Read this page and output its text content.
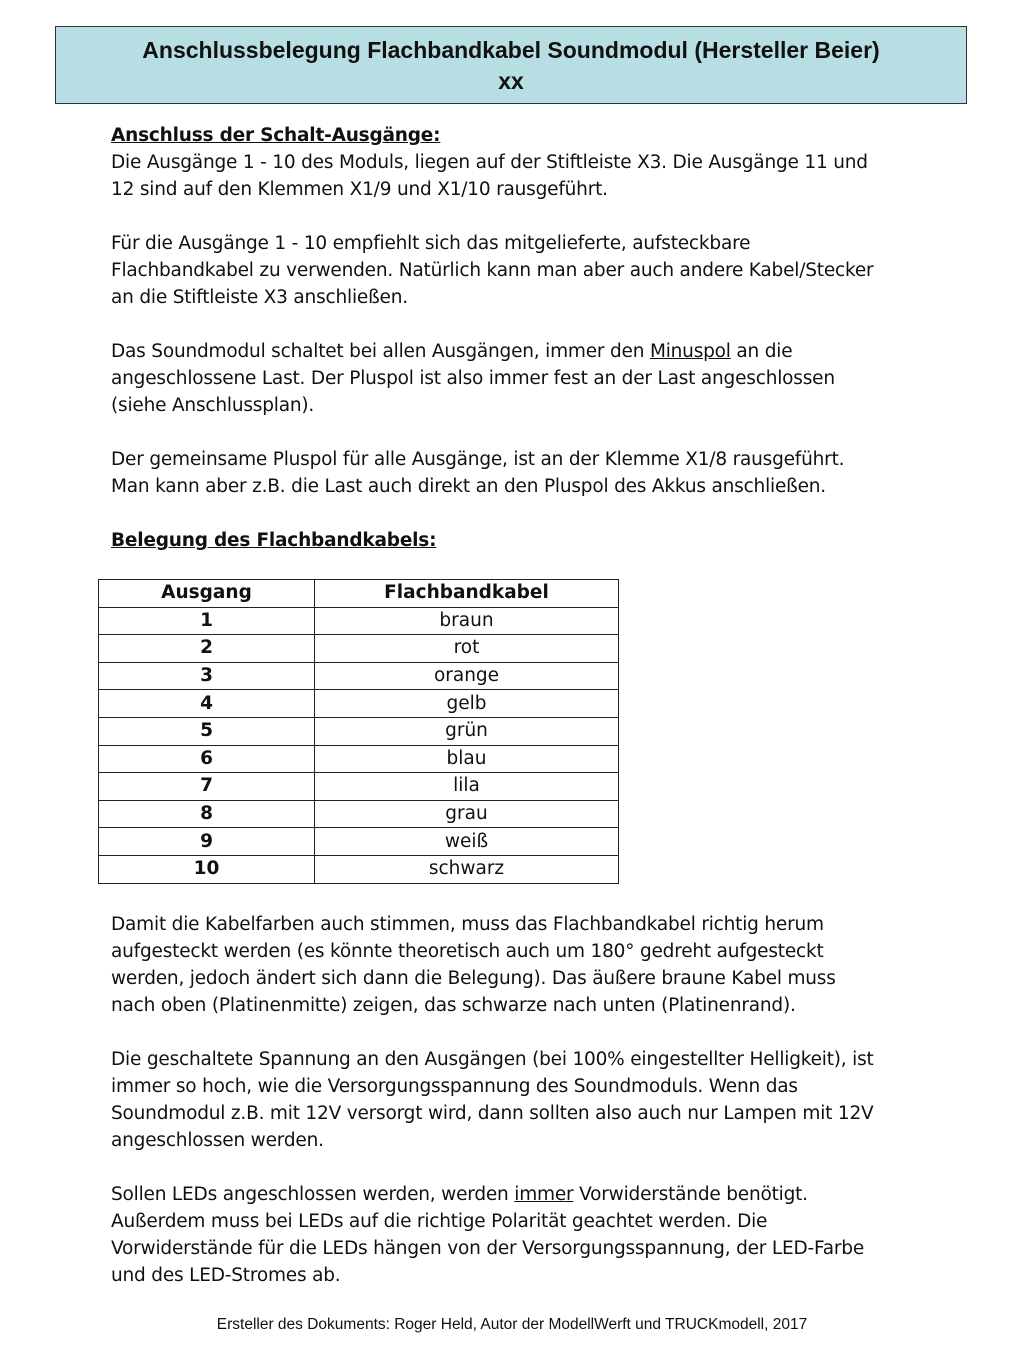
Anschlussbelegung Flachbandkabel Soundmodul (Hersteller Beier)
xx

Anschluss der Schalt-Ausgänge:

Die Ausgänge 1 - 10 des Moduls, liegen auf der Stiftleiste X3. Die Ausgänge 11 und

12 sind auf den Klemmen X1/9 und X1/10 rausgeführt.

Für die Ausgänge 1 - 10 empfiehlt sich das mitgelieferte, aufsteckbare

Flachbandkabel zu verwenden. Natürlich kann man aber auch andere Kabel/Stecker

an die Stiftleiste X3 anschließen.

Das Soundmodul schaltet bei allen Ausgängen, immer den Minuspol an die

angeschlossene Last. Der Pluspol ist also immer fest an der Last angeschlossen

(siehe Anschlussplan).

Der gemeinsame Pluspol für alle Ausgänge, ist an der Klemme X1/8 rausgeführt.

Man kann aber z.B. die Last auch direkt an den Pluspol des Akkus anschließen.

Belegung des Flachbandkabels:

Ausgang	Flachbandkabel
1	braun
2	rot
3	orange
4	gelb
5	grün
6	blau
7	lila
8	grau
9	weiß
10	schwarz

Damit die Kabelfarben auch stimmen, muss das Flachbandkabel richtig herum

aufgesteckt werden (es könnte theoretisch auch um 180° gedreht aufgesteckt

werden, jedoch ändert sich dann die Belegung). Das äußere braune Kabel muss

nach oben (Platinenmitte) zeigen, das schwarze nach unten (Platinenrand).

Die geschaltete Spannung an den Ausgängen (bei 100% eingestellter Helligkeit), ist

immer so hoch, wie die Versorgungsspannung des Soundmoduls. Wenn das

Soundmodul z.B. mit 12V versorgt wird, dann sollten also auch nur Lampen mit 12V

angeschlossen werden.

Sollen LEDs angeschlossen werden, werden immer Vorwiderstände benötigt.

Außerdem muss bei LEDs auf die richtige Polarität geachtet werden. Die

Vorwiderstände für die LEDs hängen von der Versorgungsspannung, der LED-Farbe

und des LED-Stromes ab.

Ersteller des Dokuments: Roger Held, Autor der ModellWerft und TRUCKmodell, 2017
